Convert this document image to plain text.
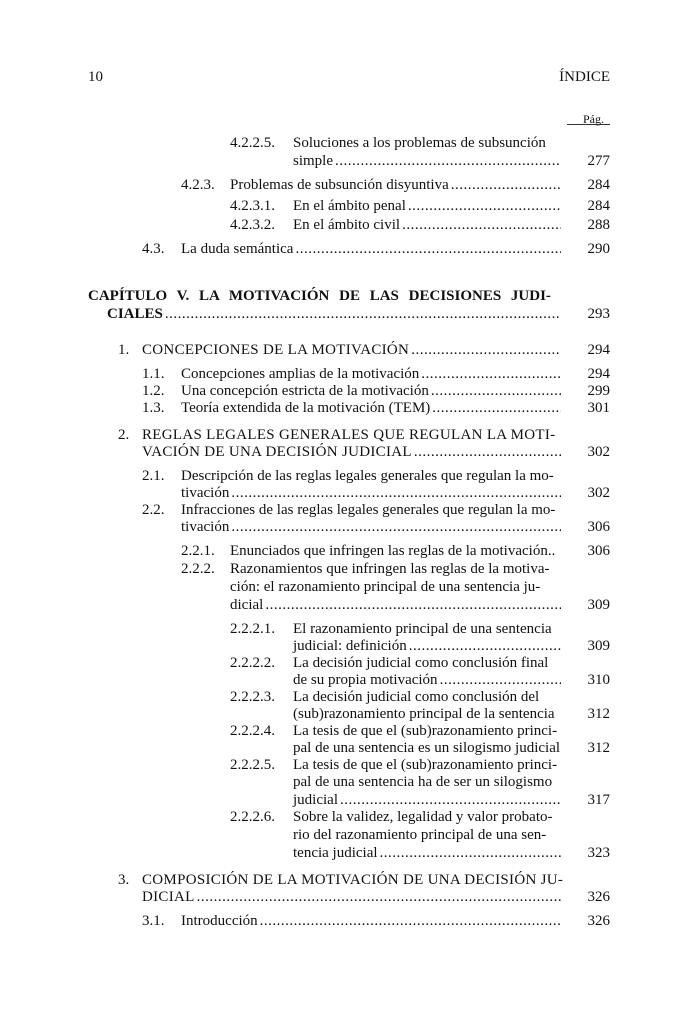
10	ÍNDICE
Pág.
4.2.2.5. Soluciones a los problemas de subsunción
simple .....	277
4.2.3. Problemas de subsunción disyuntiva .....	284
4.2.3.1. En el ámbito penal .....	284
4.2.3.2. En el ámbito civil .....	288
4.3. La duda semántica .....	290
CAPÍTULO V. LA MOTIVACIÓN DE LAS DECISIONES JUDI-
CIALES .....	293
1. CONCEPCIONES DE LA MOTIVACIÓN .....	294
1.1. Concepciones amplias de la motivación .....	294
1.2. Una concepción estricta de la motivación .....	299
1.3. Teoría extendida de la motivación (TEM) .....	301
2. REGLAS LEGALES GENERALES QUE REGULAN LA MOTI-
VACIÓN DE UNA DECISIÓN JUDICIAL .....	302
2.1. Descripción de las reglas legales generales que regulan la mo-
tivación .....	302
2.2. Infracciones de las reglas legales generales que regulan la mo-
tivación .....	306
2.2.1. Enunciados que infringen las reglas de la motivación..	306
2.2.2. Razonamientos que infringen las reglas de la motiva-
ción: el razonamiento principal de una sentencia ju-
dicial .....	309
2.2.2.1. El razonamiento principal de una sentencia
judicial: definición .....	309
2.2.2.2. La decisión judicial como conclusión final
de su propia motivación .....	310
2.2.2.3. La decisión judicial como conclusión del
(sub)razonamiento principal de la sentencia	312
2.2.2.4. La tesis de que el (sub)razonamiento princi-
pal de una sentencia es un silogismo judicial	312
2.2.2.5. La tesis de que el (sub)razonamiento princi-
pal de una sentencia ha de ser un silogismo
judicial .....	317
2.2.2.6. Sobre la validez, legalidad y valor probato-
rio del razonamiento principal de una sen-
tencia judicial .....	323
3. COMPOSICIÓN DE LA MOTIVACIÓN DE UNA DECISIÓN JU-
DICIAL .....	326
3.1. Introducción .....	326
